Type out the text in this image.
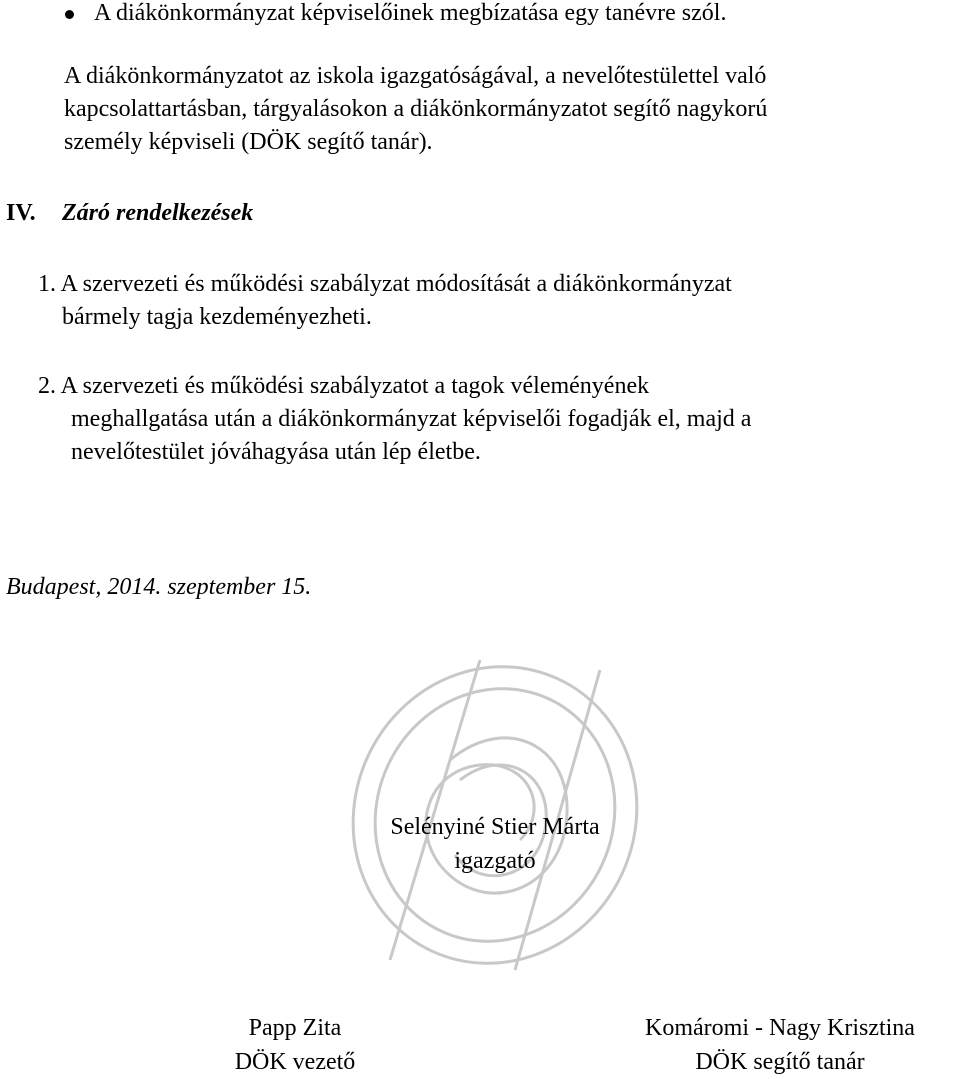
A diákönkormányzat képviselőinek megbízatása egy tanévre szól.
A diákönkormányzatot az iskola igazgatóságával, a nevelőtestülettel való
kapcsolattartásban, tárgyalásokon a diákönkormányzatot segítő nagykorú
személy képviseli (DÖK segítő tanár).
IV. Záró rendelkezések
1. A szervezeti és működési szabályzat módosítását a diákönkormányzat
bármely tagja kezdeményezheti.
2. A szervezeti és működési szabályzatot a tagok véleményének
meghallgatása után a diákönkormányzat képviselői fogadják el, majd a
nevelőtestület jóváhagyása után lép életbe.
Budapest, 2014. szeptember 15.
Selényiné Stier Márta
igazgató
Papp Zita
DÖK vezető
Komáromi - Nagy Krisztina
DÖK segítő tanár
